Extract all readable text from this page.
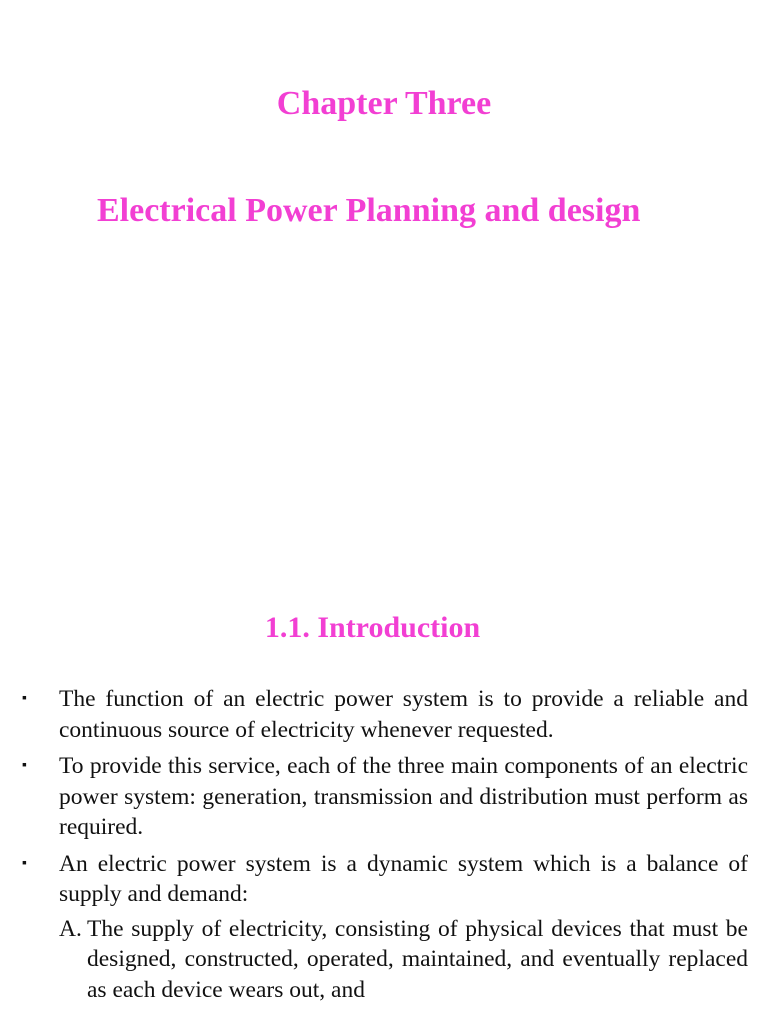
Chapter Three
Electrical Power Planning and design
1.1. Introduction
▪ The function of an electric power system is to provide a reliable and continuous source of electricity whenever requested.
▪ To provide this service, each of the three main components of an electric power system: generation, transmission and distribution must perform as required.
▪ An electric power system is a dynamic system which is a balance of supply and demand:
A. The supply of electricity, consisting of physical devices that must be designed, constructed, operated, maintained, and eventually replaced as each device wears out, and
